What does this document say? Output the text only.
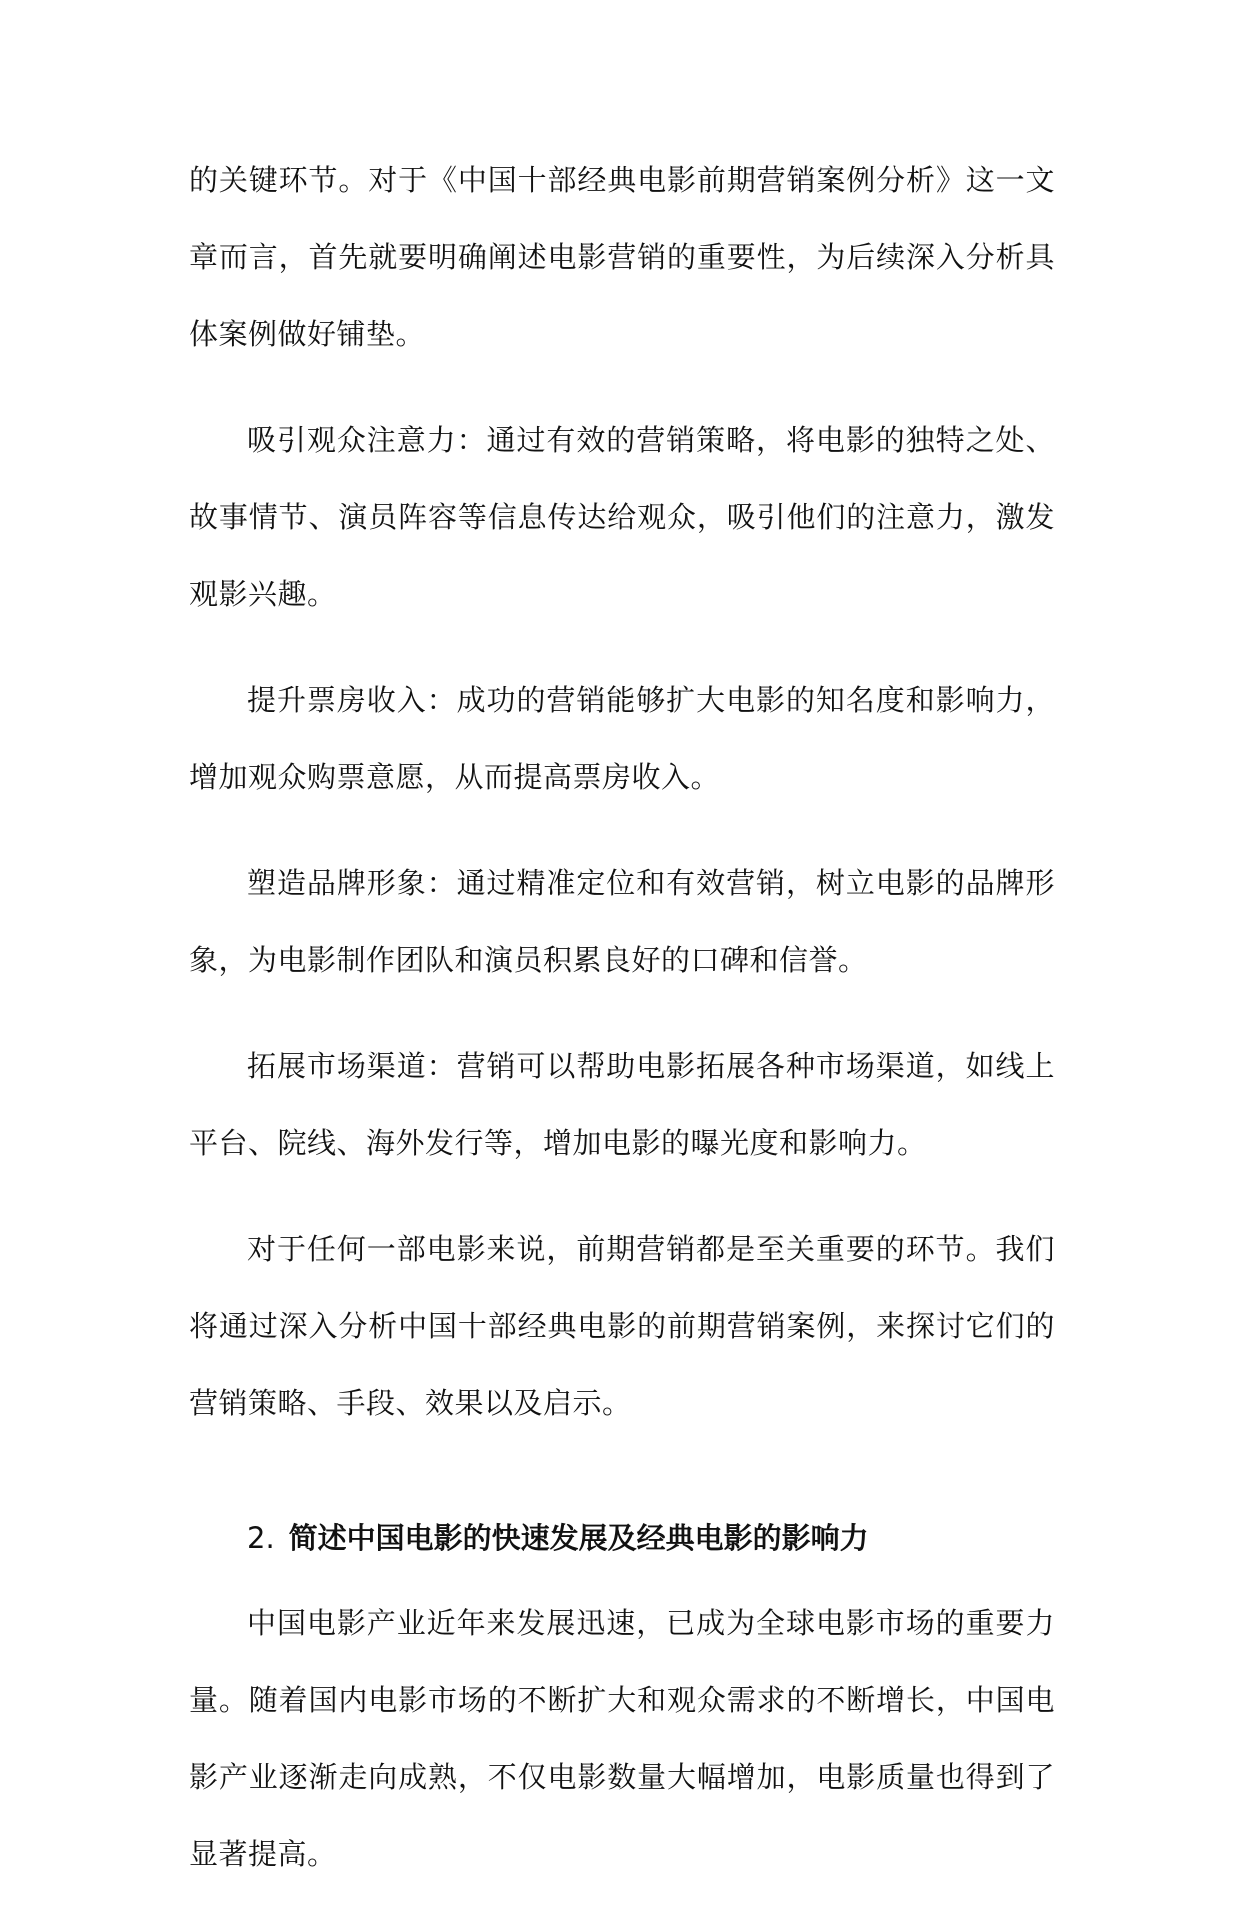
的关键环节。对于《中国十部经典电影前期营销案例分析》这一文章而言，首先就要明确阐述电影营销的重要性，为后续深入分析具体案例做好铺垫。

吸引观众注意力：通过有效的营销策略，将电影的独特之处、故事情节、演员阵容等信息传达给观众，吸引他们的注意力，激发观影兴趣。

提升票房收入：成功的营销能够扩大电影的知名度和影响力，增加观众购票意愿，从而提高票房收入。

塑造品牌形象：通过精准定位和有效营销，树立电影的品牌形象，为电影制作团队和演员积累良好的口碑和信誉。

拓展市场渠道：营销可以帮助电影拓展各种市场渠道，如线上平台、院线、海外发行等，增加电影的曝光度和影响力。

对于任何一部电影来说，前期营销都是至关重要的环节。我们将通过深入分析中国十部经典电影的前期营销案例，来探讨它们的营销策略、手段、效果以及启示。

2. 简述中国电影的快速发展及经典电影的影响力

中国电影产业近年来发展迅速，已成为全球电影市场的重要力量。随着国内电影市场的不断扩大和观众需求的不断增长，中国电影产业逐渐走向成熟，不仅电影数量大幅增加，电影质量也得到了显著提高。
